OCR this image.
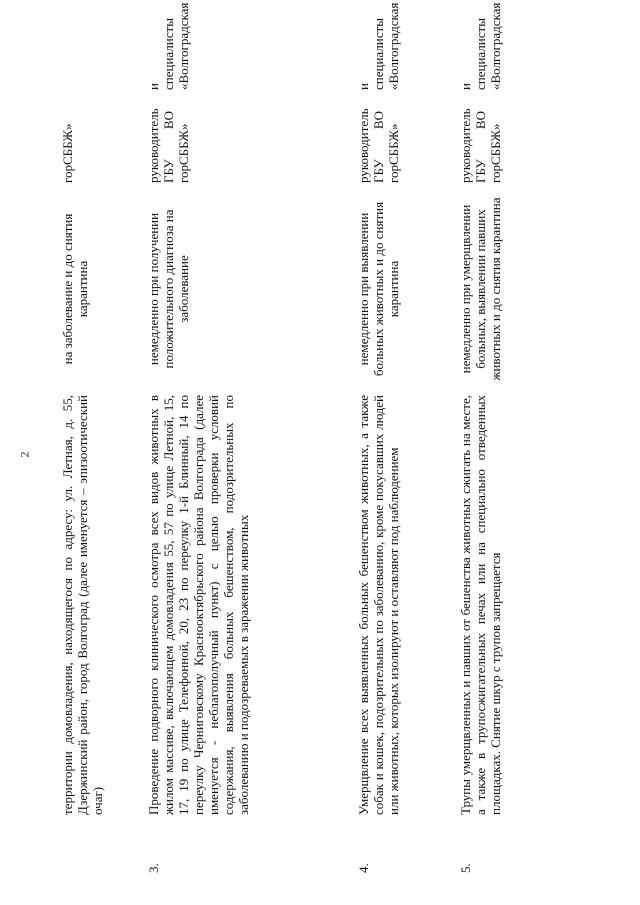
2 территории домовладения, находящегося по адресу: ул. Летная, д. 55, Дзержинский район, город Волгоград (далее именуется – эпизоотический очаг)
на заболевание и до снятия карантина
горСББЖ»
3.
Проведение подворного клинического осмотра всех видов животных в жилом массиве, включающем домовладения 55, 57 по улице Летной, 15, 17, 19 по улице Телефонной, 20, 23 по переулку 1-й Блинный, 14 по переулку Черниговскому Краснооктябрьского района Волгограда (далее именуется - неблагополучный пункт) с целью проверки условий содержания, выявления больных бешенством, подозрительных по заболеванию и подозреваемых в заражении животных
немедленно при получении положительного диагноза на заболевание
руководитель ГБУ ВО горСББЖ»
и специалисты «Волгоградская
4.
Умерщвление всех выявленных больных бешенством животных, а также собак и кошек, подозрительных по заболеванию, кроме покусавших людей или животных, которых изолируют и оставляют под наблюдением
немедленно при выявлении больных животных и до снятия карантина
руководитель ГБУ ВО горСББЖ»
и специалисты «Волгоградская
5.
Трупы умерщвленных и павших от бешенства животных сжигать на месте, а также в трупосжигательных печах или на специально отведенных площадках. Снятие шкур с трупов запрещается
немедленно при умерщвлении больных, выявлении павших животных и до снятия карантина
руководитель ГБУ ВО горСББЖ»
и специалисты «Волгоградская
